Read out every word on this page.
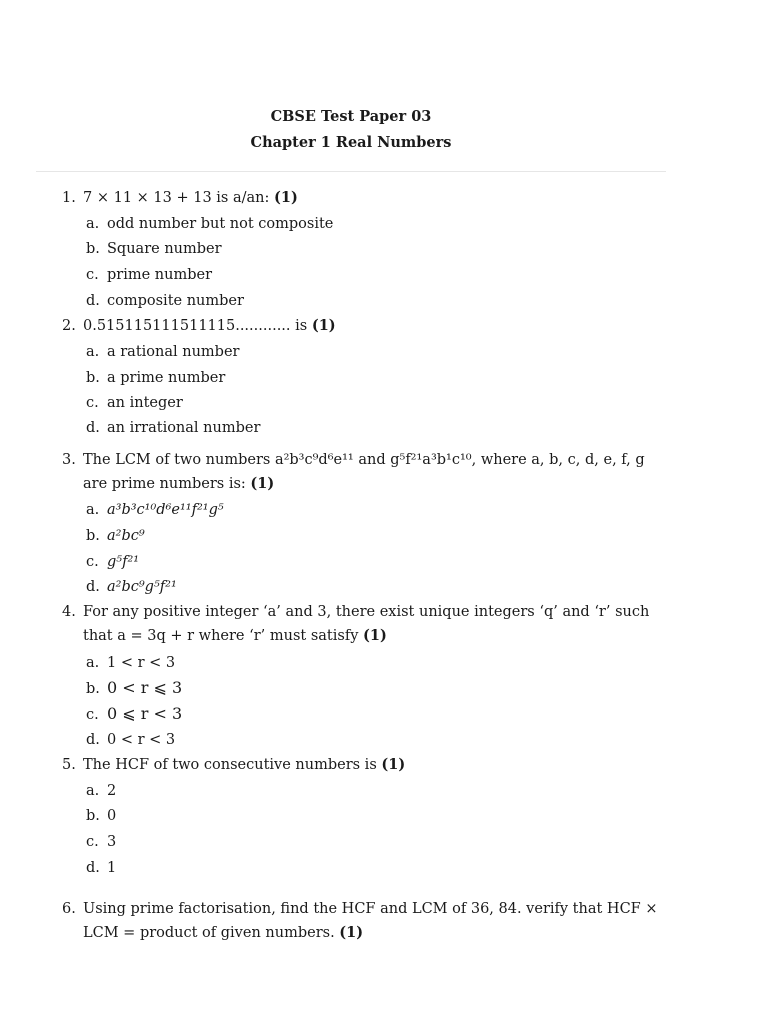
CBSE Test Paper 03
Chapter 1 Real Numbers
1. 7 × 11 × 13 + 13 is a/an: (1)
a. odd number but not composite
b. Square number
c. prime number
d. composite number
2. 0.515115111511115............ is (1)
a. a rational number
b. a prime number
c. an integer
d. an irrational number
3. The LCM of two numbers a²b³c⁹d⁶e¹¹ and g⁵f²¹a³b¹c¹⁰, where a, b, c, d, e, f, g are prime numbers is: (1)
a. a³b³c¹⁰d⁶e¹¹f²¹g⁵
b. a²bc⁹
c. g⁵f²¹
d. a²bc⁹g⁵f²¹
4. For any positive integer ‘a’ and 3, there exist unique integers ‘q’ and ‘r’ such that a = 3q + r where ‘r’ must satisfy (1)
a. 1 < r < 3
b. 0 < r ⩽ 3
c. 0 ⩽ r < 3
d. 0 < r < 3
5. The HCF of two consecutive numbers is (1)
a. 2
b. 0
c. 3
d. 1
6. Using prime factorisation, find the HCF and LCM of 36, 84. verify that HCF × LCM = product of given numbers. (1)
